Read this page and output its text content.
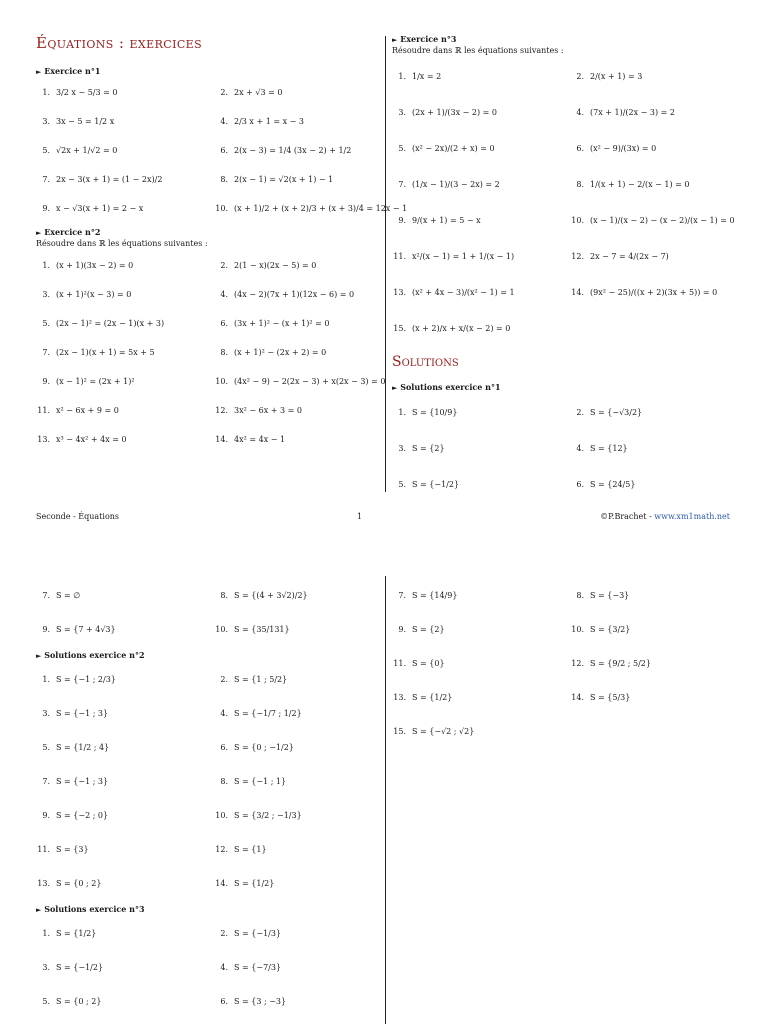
Équations : exercices
► Exercice n°1
1. 3/2 x − 5/3 = 0	2. 2x + √3 = 0
3. 3x − 5 = 1/2 x	4. 2/3 x + 1 = x − 3
5. √2x + 1/√2 = 0	6. 2(x − 3) = 1/4 (3x − 2) + 1/2
7. 2x − 3(x + 1) = (1 − 2x)/2	8. 2(x − 1) = √2(x + 1) − 1
9. x − √3(x + 1) = 2 − x	10. (x + 1)/2 + (x + 2)/3 + (x + 3)/4 = 12x − 1
► Exercice n°2
Résoudre dans ℝ les équations suivantes :
1. (x + 1)(3x − 2) = 0	2. 2(1 − x)(2x − 5) = 0
3. (x + 1)²(x − 3) = 0	4. (4x − 2)(7x + 1)(12x − 6) = 0
5. (2x − 1)² = (2x − 1)(x + 3)	6. (3x + 1)² − (x + 1)² = 0
7. (2x − 1)(x + 1) = 5x + 5	8. (x + 1)² − (2x + 2) = 0
9. (x − 1)² = (2x + 1)²	10. (4x² − 9) − 2(2x − 3) + x(2x − 3) = 0
11. x² − 6x + 9 = 0	12. 3x² − 6x + 3 = 0
13. x³ − 4x² + 4x = 0	14. 4x² = 4x − 1
► Exercice n°3
Résoudre dans ℝ les équations suivantes :
1. 1/x = 2	2. 2/(x + 1) = 3
3. (2x + 1)/(3x − 2) = 0	4. (7x + 1)/(2x − 3) = 2
5. (x² − 2x)/(2 + x) = 0	6. (x² − 9)/(3x) = 0
7. (1/x − 1)/(3 − 2x) = 2	8. 1/(x + 1) − 2/(x − 1) = 0
9. 9/(x + 1) = 5 − x	10. (x − 1)/(x − 2) − (x − 2)/(x − 1) = 0
11. x²/(x − 1) = 1 + 1/(x − 1)	12. 2x − 7 = 4/(2x − 7)
13. (x² + 4x − 3)/(x² − 1) = 1	14. (9x² − 25)/((x + 2)(3x + 5)) = 0
15. (x + 2)/x + x/(x − 2) = 0
Solutions
► Solutions exercice n°1
1. S = {10/9}	2. S = {−√3/2}
3. S = {2}	4. S = {12}
5. S = {−1/2}	6. S = {24/5}
Seconde - Équations	1	©P.Brachet - www.xm1math.net
7. S = ∅	8. S = {(4 + 3√2)/2}
9. S = {7 + 4√3}	10. S = {35/131}
► Solutions exercice n°2
1. S = {−1 ; 2/3}	2. S = {1 ; 5/2}
3. S = {−1 ; 3}	4. S = {−1/7 ; 1/2}
5. S = {1/2 ; 4}	6. S = {0 ; −1/2}
7. S = {−1 ; 3}	8. S = {−1 ; 1}
9. S = {−2 ; 0}	10. S = {3/2 ; −1/3}
11. S = {3}	12. S = {1}
13. S = {0 ; 2}	14. S = {1/2}
► Solutions exercice n°3
1. S = {1/2}	2. S = {−1/3}
3. S = {−1/2}	4. S = {−7/3}
5. S = {0 ; 2}	6. S = {3 ; −3}
7. S = {14/9}	8. S = {−3}
9. S = {2}	10. S = {3/2}
11. S = {0}	12. S = {9/2 ; 5/2}
13. S = {1/2}	14. S = {5/3}
15. S = {−√2 ; √2}
